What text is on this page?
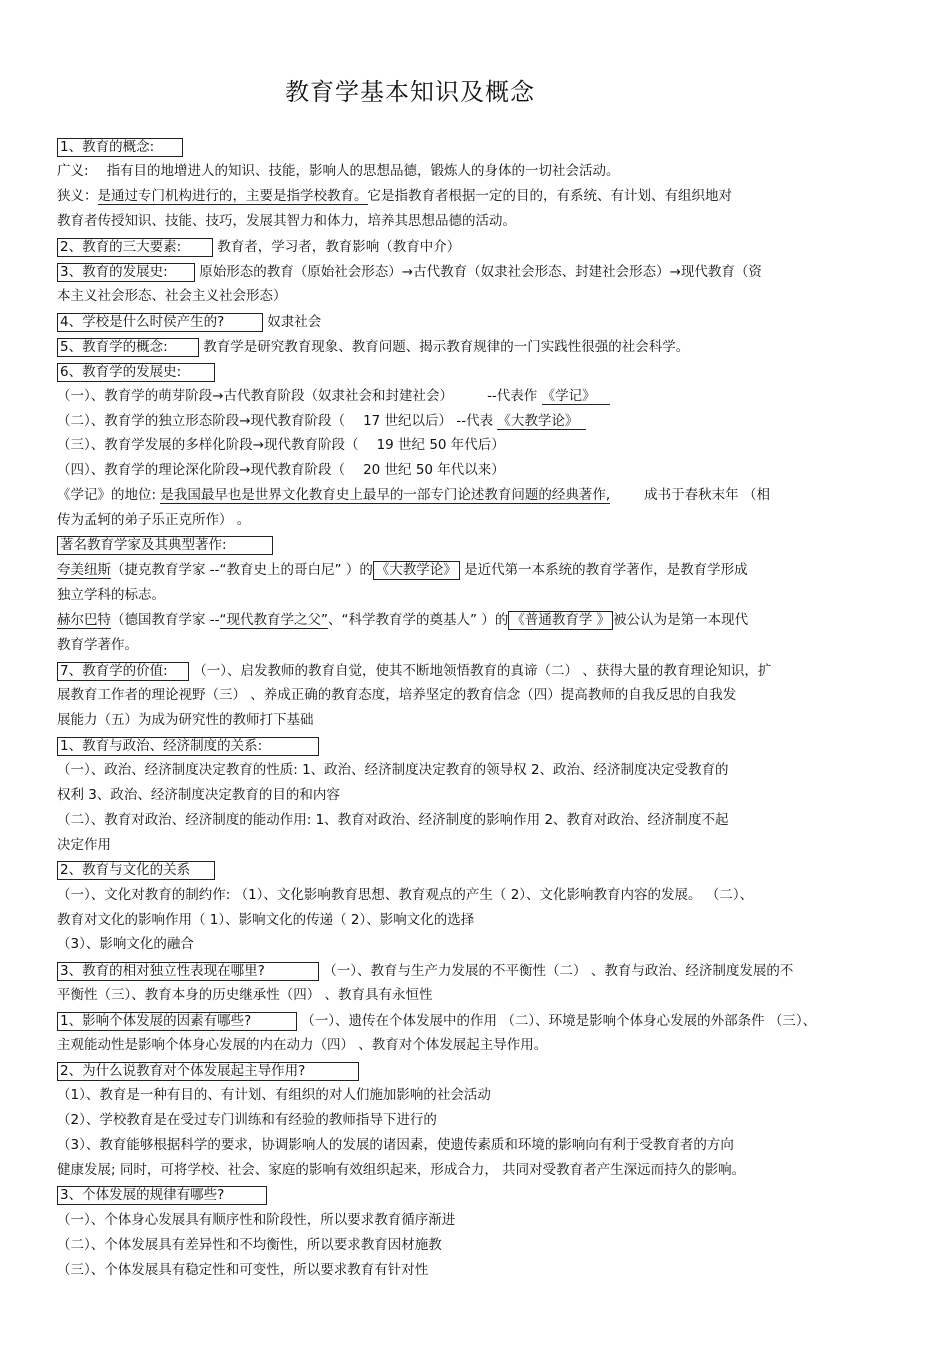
教育学基本知识及概念
1、教育的概念:
广义: 指有目的地增进人的知识、技能，影响人的思想品德，锻炼人的身体的一切社会活动。
狭义：是通过专门机构进行的，主要是指学校教育。它是指教育者根据一定的目的，有系统、有计划、有组织地对
教育者传授知识、技能、技巧，发展其智力和体力，培养其思想品德的活动。
2、教育的三大要素:	教育者，学习者，教育影响（教育中介）
3、教育的发展史: 原始形态的教育（原始社会形态）→古代教育（奴隶社会形态、封建社会形态）→现代教育（资
本主义社会形态、社会主义社会形态）
4、学校是什么时侯产生的?	奴隶社会
5、教育学的概念:	教育学是研究教育现象、教育问题、揭示教育规律的一门实践性很强的社会科学。
6、教育学的发展史:
（一）、教育学的萌芽阶段→古代教育阶段（奴隶社会和封建社会）	--代表作 《学记》
（二）、教育学的独立形态阶段→现代教育阶段（ 17 世纪以后） --代表 《大教学论》
（三）、教育学发展的多样化阶段→现代教育阶段（ 19 世纪 50 年代后）
（四）、教育学的理论深化阶段→现代教育阶段（ 20 世纪 50 年代以来）
《学记》的地位: 是我国最早也是世界文化教育史上最早的一部专门论述教育问题的经典著作,	成书于春秋末年 （相
传为孟轲的弟子乐正克所作） 。
著名教育学家及其典型著作:
夸美纽斯（捷克教育学家 --“教育史上的哥白尼” ）的 《大教学论》 是近代第一本系统的教育学著作，是教育学形成
独立学科的标志。
赫尔巴特（德国教育学家 --“现代教育学之父”、“科学教育学的奠基人” ）的 《普通教育学 》 被公认为是第一本现代
教育学著作。
7、教育学的价值: （一）、启发教师的教育自觉，使其不断地领悟教育的真谛（二） 、获得大量的教育理论知识，扩
展教育工作者的理论视野（三） 、养成正确的教育态度，培养坚定的教育信念（四）提高教师的自我反思的自我发
展能力（五）为成为研究性的教师打下基础
1、教育与政治、经济制度的关系:
（一）、政治、经济制度决定教育的性质: 1、政治、经济制度决定教育的领导权 2、政治、经济制度决定受教育的
权利 3、政治、经济制度决定教育的目的和内容
（二）、教育对政治、经济制度的能动作用: 1、教育对政治、经济制度的影响作用 2、教育对政治、经济制度不起
决定作用
2、教育与文化的关系
（一）、文化对教育的制约作: （1）、文化影响教育思想、教育观点的产生（ 2）、文化影响教育内容的发展。 （二）、
教育对文化的影响作用（ 1）、影响文化的传递（ 2）、影响文化的选择
（3）、影响文化的融合
3、教育的相对独立性表现在哪里?	（一）、教育与生产力发展的不平衡性（二） 、教育与政治、经济制度发展的不
平衡性（三）、教育本身的历史继承性（四） 、教育具有永恒性
1、影响个体发展的因素有哪些?	（一）、遗传在个体发展中的作用 （二）、环境是影响个体身心发展的外部条件 （三）、
主观能动性是影响个体身心发展的内在动力（四） 、教育对个体发展起主导作用。
2、为什么说教育对个体发展起主导作用?
（1）、教育是一种有目的、有计划、有组织的对人们施加影响的社会活动
（2）、学校教育是在受过专门训练和有经验的教师指导下进行的
（3）、教育能够根据科学的要求，协调影响人的发展的诸因素，使遗传素质和环境的影响向有利于受教育者的方向
健康发展; 同时，可将学校、社会、家庭的影响有效组织起来，形成合力， 共同对受教育者产生深远而持久的影响。
3、个体发展的规律有哪些?
（一）、个体身心发展具有顺序性和阶段性，所以要求教育循序渐进
（二）、个体发展具有差异性和不均衡性，所以要求教育因材施教
（三）、个体发展具有稳定性和可变性，所以要求教育有针对性
